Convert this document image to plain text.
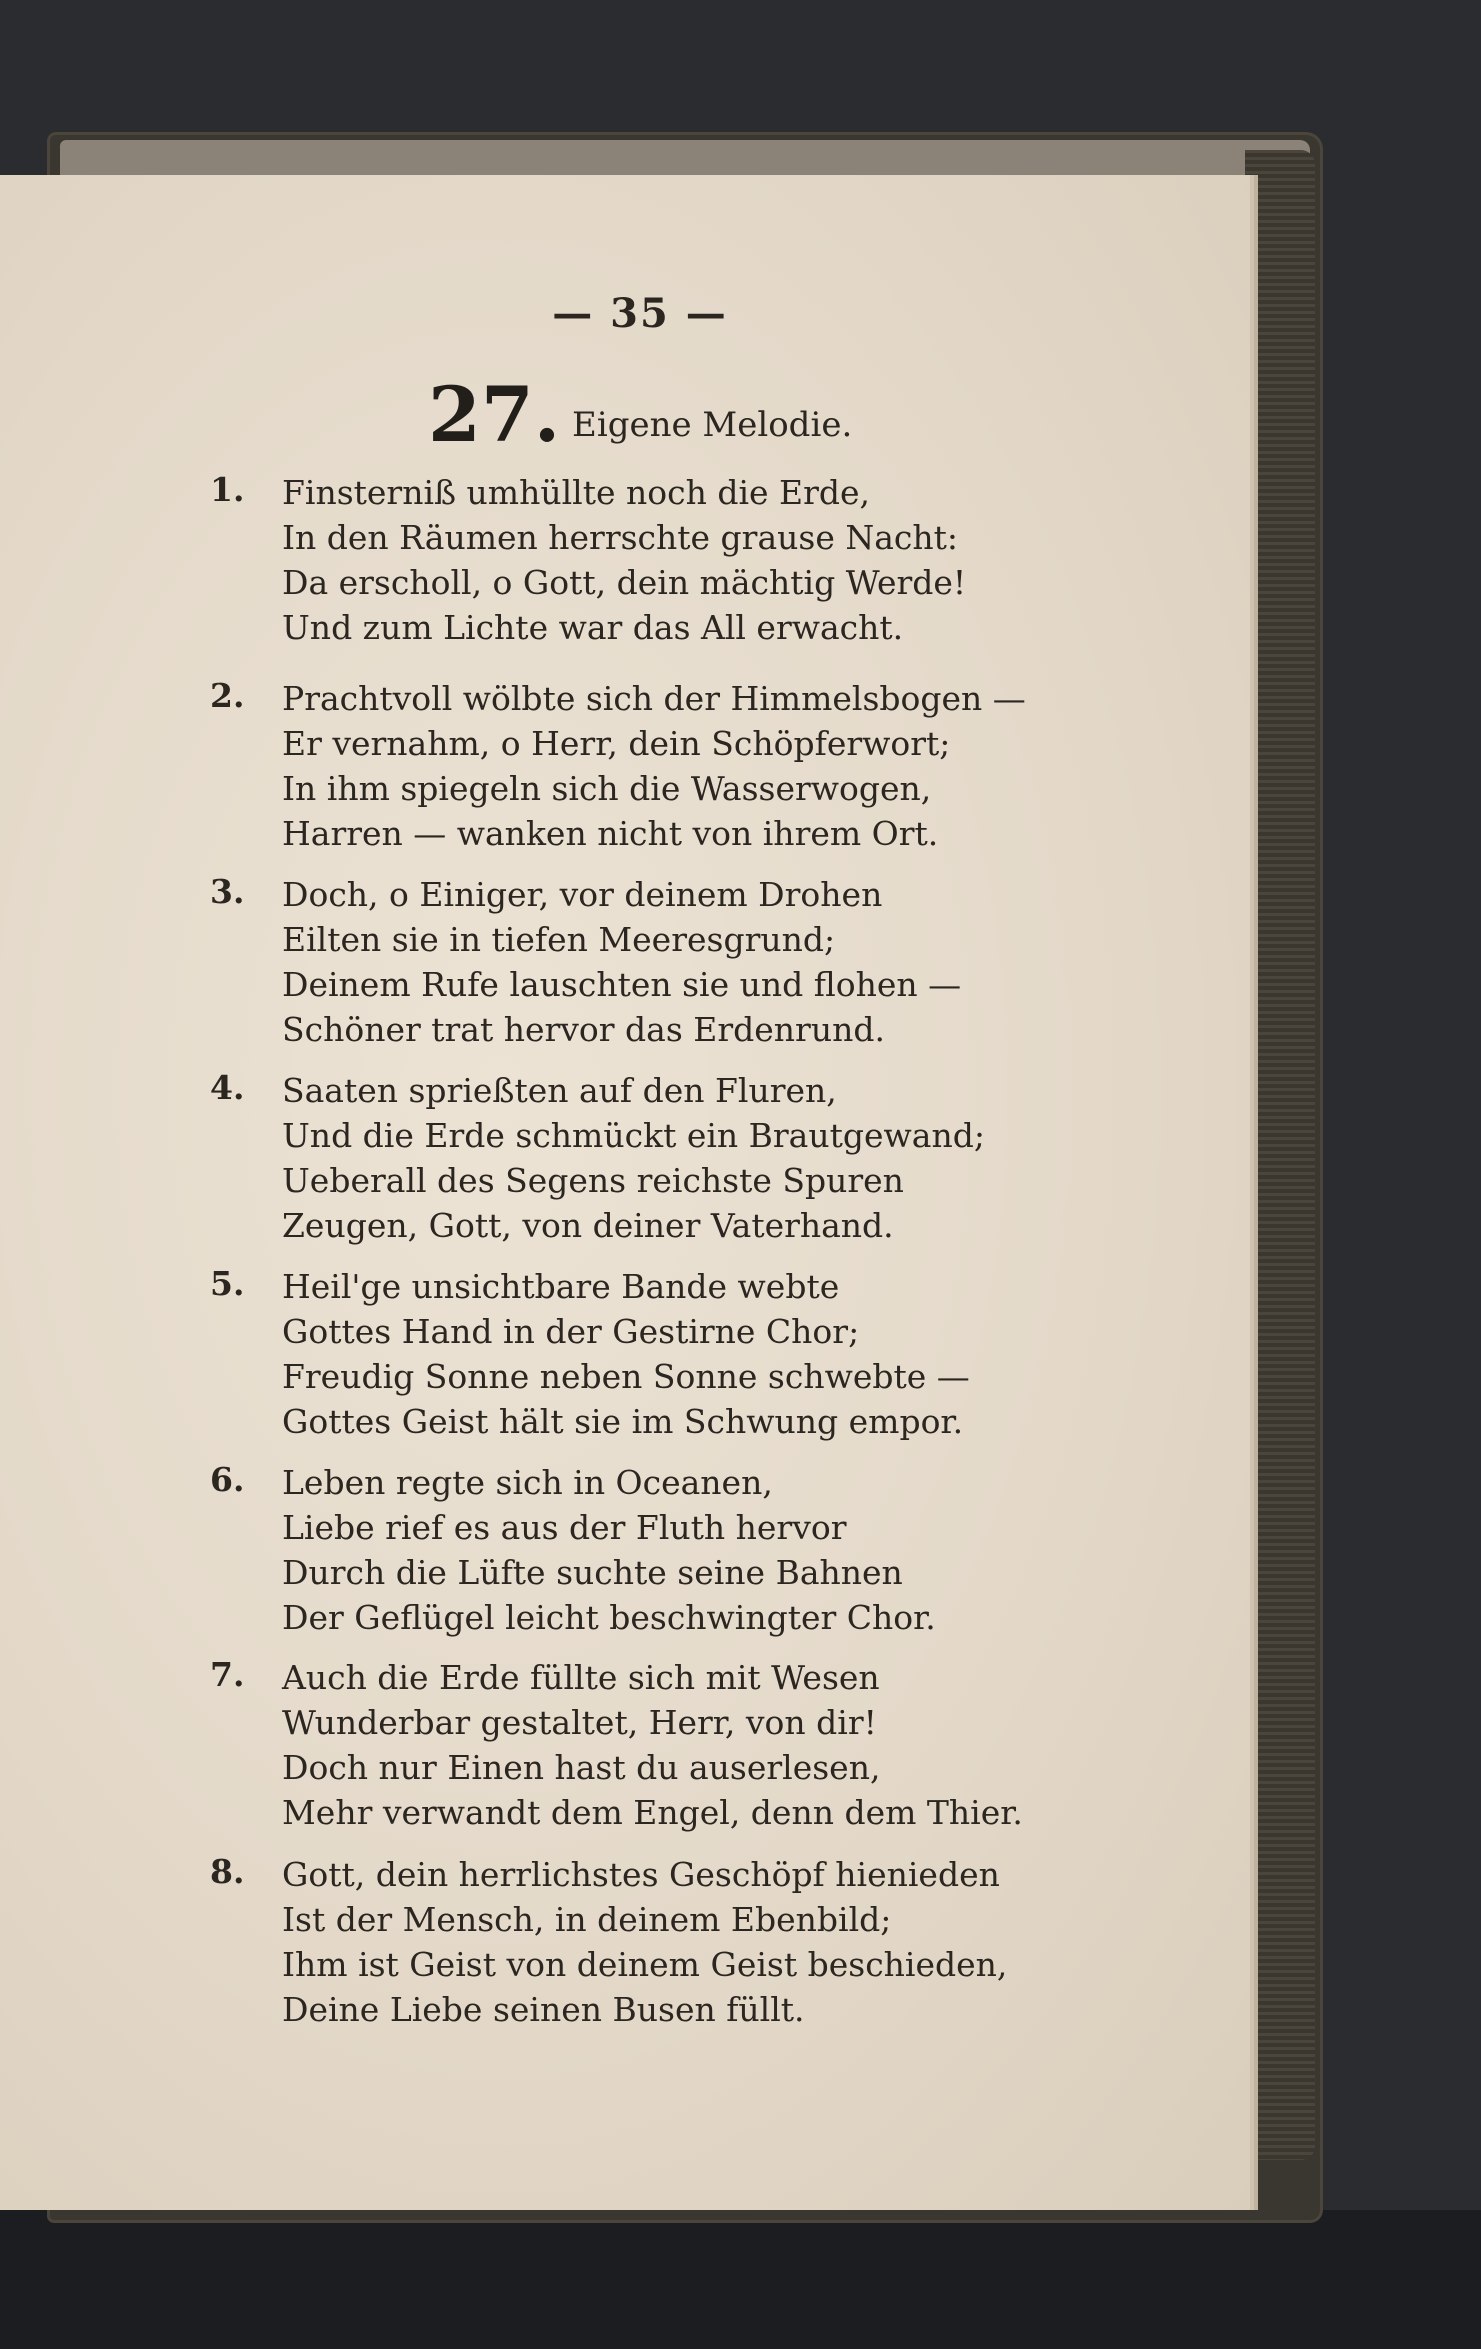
— 35 —
27. Eigene Melodie.
1. Finsterniß umhüllte noch die Erde,
In den Räumen herrschte grause Nacht:
Da erscholl, o Gott, dein mächtig Werde!
Und zum Lichte war das All erwacht.
2. Prachtvoll wölbte sich der Himmelsbogen —
Er vernahm, o Herr, dein Schöpferwort;
In ihm spiegeln sich die Wasserwogen,
Harren — wanken nicht von ihrem Ort.
3. Doch, o Einiger, vor deinem Drohen
Eilten sie in tiefen Meeresgrund;
Deinem Rufe lauschten sie und flohen —
Schöner trat hervor das Erdenrund.
4. Saaten sprießten auf den Fluren,
Und die Erde schmückt ein Brautgewand;
Ueberall des Segens reichste Spuren
Zeugen, Gott, von deiner Vaterhand.
5. Heil'ge unsichtbare Bande webte
Gottes Hand in der Gestirne Chor;
Freudig Sonne neben Sonne schwebte —
Gottes Geist hält sie im Schwung empor.
6. Leben regte sich in Oceanen,
Liebe rief es aus der Fluth hervor
Durch die Lüfte suchte seine Bahnen
Der Geflügel leicht beschwingter Chor.
7. Auch die Erde füllte sich mit Wesen
Wunderbar gestaltet, Herr, von dir!
Doch nur Einen hast du auserlesen,
Mehr verwandt dem Engel, denn dem Thier.
8. Gott, dein herrlichstes Geschöpf hienieden
Ist der Mensch, in deinem Ebenbild;
Ihm ist Geist von deinem Geist beschieden,
Deine Liebe seinen Busen füllt.
